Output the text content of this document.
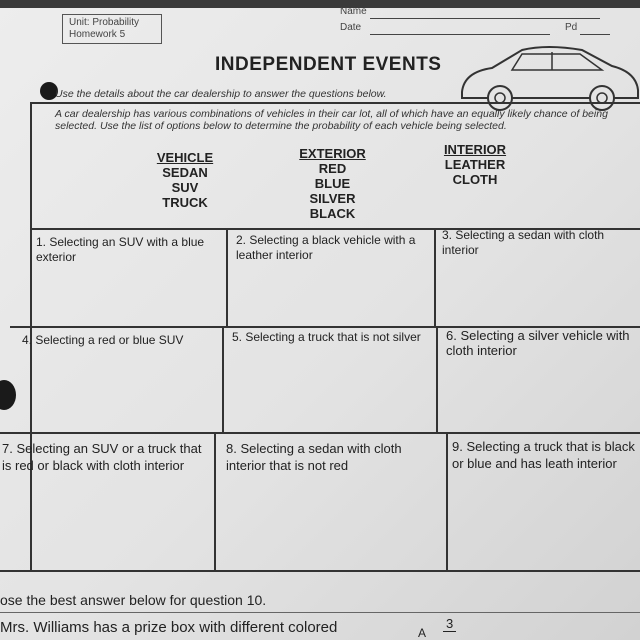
Unit: Probability
Homework 5
Name
Date	Pd
INDEPENDENT EVENTS
Use the details about the car dealership to answer the questions below.
A car dealership has various combinations of vehicles in their car lot, all of which have an equally likely chance of being selected. Use the list of options below to determine the probability of each vehicle being selected.
VEHICLE
SEDAN
SUV
TRUCK
EXTERIOR
RED
BLUE
SILVER
BLACK
INTERIOR
LEATHER
CLOTH
1. Selecting an SUV with a blue exterior
2. Selecting a black vehicle with a leather interior
3. Selecting a sedan with cloth interior
4. Selecting a red or blue SUV	5. Selecting a truck that is not silver	6. Selecting a silver vehicle with cloth interior
7. Selecting an SUV or a truck that is red or black with cloth interior
8. Selecting a sedan with cloth interior that is not red
9. Selecting a truck that is black or blue and has leath interior
ose the best answer below for question 10.
Mrs. Williams has a prize box with different colored	A
3
